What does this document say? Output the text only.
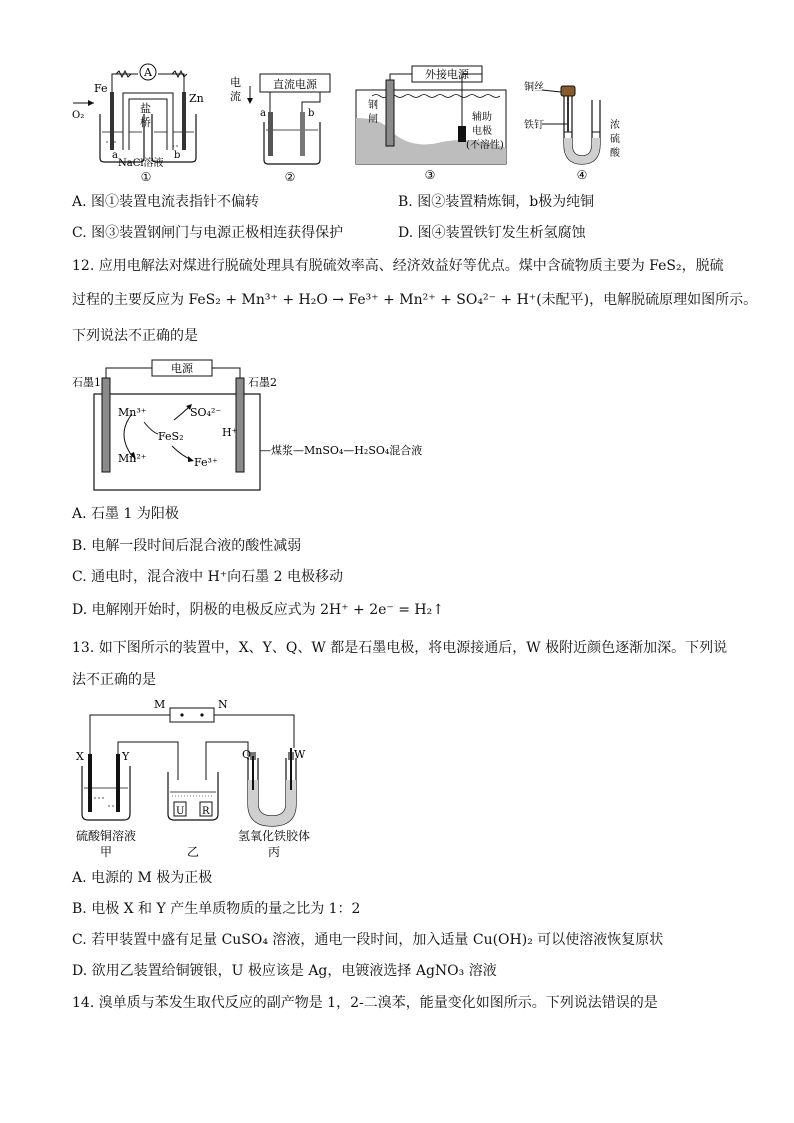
A
Fe
Zn
盐
桥
O₂
a	b
NaCl溶液
①
直流电源
电
流
a	b
②
外接电源
钢
闸	辅助
电极
(不溶性)
③
铜丝
铁钉	浓
硫
酸
④
A. 图①装置电流表指针不偏转	B. 图②装置精炼铜，b极为纯铜
C. 图③装置钢闸门与电源正极相连获得保护	D. 图④装置铁钉发生析氢腐蚀
12. 应用电解法对煤进行脱硫处理具有脱硫效率高、经济效益好等优点。煤中含硫物质主要为 FeS₂，脱硫
过程的主要反应为 FeS₂ + Mn³⁺ + H₂O → Fe³⁺ + Mn²⁺ + SO₄²⁻ + H⁺(未配平)，电解脱硫原理如图所示。
下列说法不正确的是
电源
石墨1	石墨2
Mn³⁺
Mn²⁺
SO₄²⁻
FeS₂
Fe³⁺
H⁺
—煤浆—MnSO₄—H₂SO₄混合液
A. 石墨 1 为阳极
B. 电解一段时间后混合液的酸性减弱
C. 通电时，混合液中 H⁺向石墨 2 电极移动
D. 电解刚开始时，阴极的电极反应式为 2H⁺ + 2e⁻ = H₂↑
13. 如下图所示的装置中，X、Y、Q、W 都是石墨电极，将电源接通后，W 极附近颜色逐渐加深。下列说
法不正确的是
M	N
X	Y
U R
Q	W
硫酸铜溶液
甲	乙
氢氧化铁胶体
丙
A. 电源的 M 极为正极
B. 电极 X 和 Y 产生单质物质的量之比为 1：2
C. 若甲装置中盛有足量 CuSO₄ 溶液，通电一段时间，加入适量 Cu(OH)₂ 可以使溶液恢复原状
D. 欲用乙装置给铜镀银，U 极应该是 Ag，电镀液选择 AgNO₃ 溶液
14. 溴单质与苯发生取代反应的副产物是 1，2-二溴苯，能量变化如图所示。下列说法错误的是
